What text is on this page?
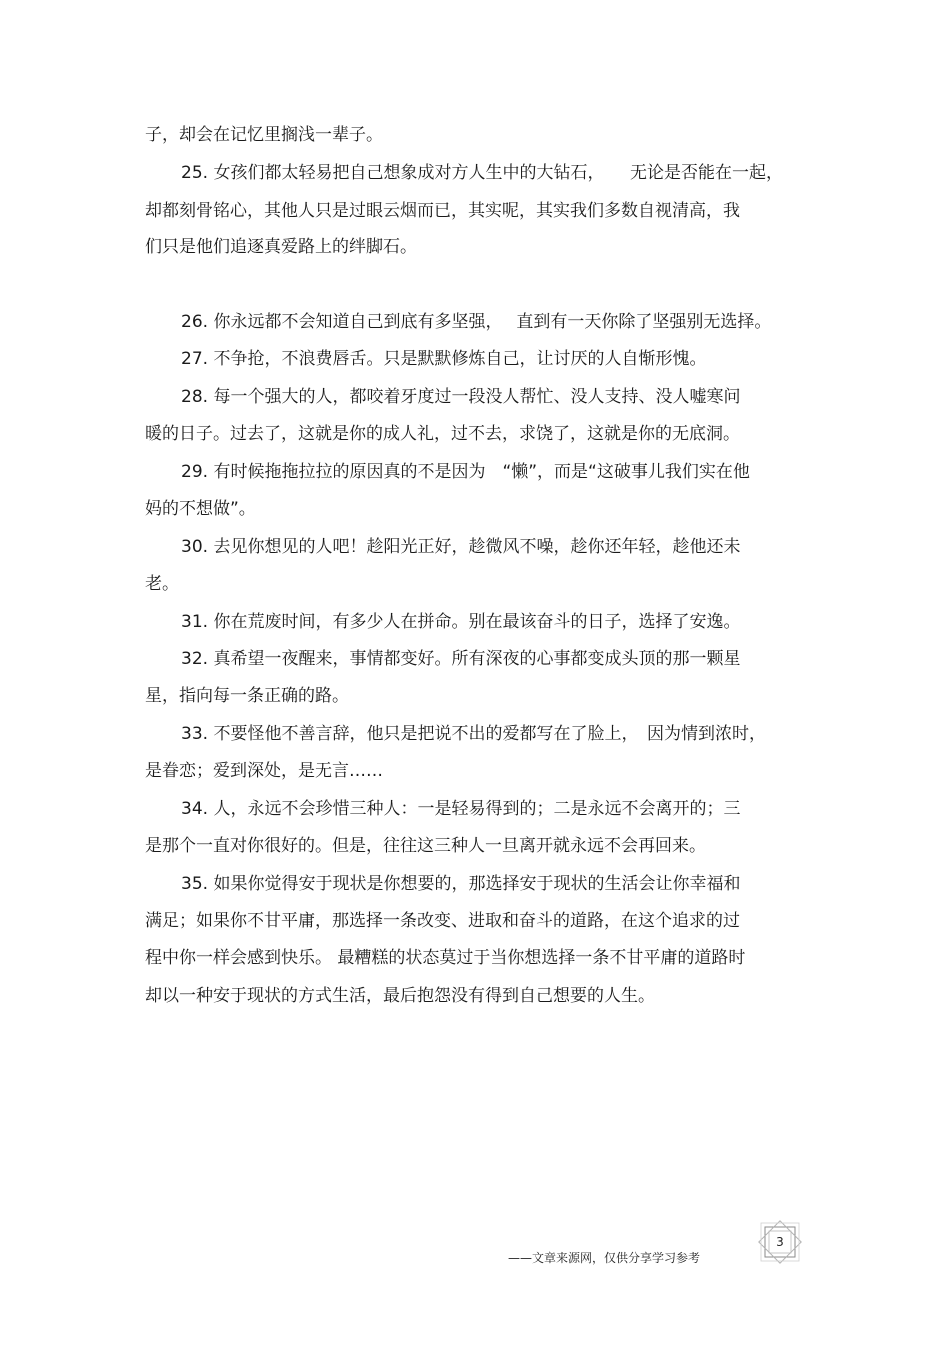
子，却会在记忆里搁浅一辈子。
25. 女孩们都太轻易把自己想象成对方人生中的大钻石，　　无论是否能在一起，
却都刻骨铭心，其他人只是过眼云烟而已，其实呢，其实我们多数自视清高，我
们只是他们追逐真爱路上的绊脚石。
26. 你永远都不会知道自己到底有多坚强，　 直到有一天你除了坚强别无选择。
27. 不争抢，不浪费唇舌。只是默默修炼自己，让讨厌的人自惭形愧。
28. 每一个强大的人，都咬着牙度过一段没人帮忙、没人支持、没人嘘寒问
暖的日子。过去了，这就是你的成人礼，过不去，求饶了，这就是你的无底洞。
29. 有时候拖拖拉拉的原因真的不是因为　“懒”，而是“这破事儿我们实在他
妈的不想做”。
30. 去见你想见的人吧！趁阳光正好，趁微风不噪，趁你还年轻，趁他还未
老。
31. 你在荒废时间，有多少人在拼命。别在最该奋斗的日子，选择了安逸。
32. 真希望一夜醒来，事情都变好。所有深夜的心事都变成头顶的那一颗星
星，指向每一条正确的路。
33. 不要怪他不善言辞，他只是把说不出的爱都写在了脸上，　因为情到浓时，
是眷恋；爱到深处，是无言……
34. 人，永远不会珍惜三种人：一是轻易得到的；二是永远不会离开的；三
是那个一直对你很好的。但是，往往这三种人一旦离开就永远不会再回来。
35. 如果你觉得安于现状是你想要的，那选择安于现状的生活会让你幸福和
满足；如果你不甘平庸，那选择一条改变、进取和奋斗的道路，在这个追求的过
程中你一样会感到快乐。 最糟糕的状态莫过于当你想选择一条不甘平庸的道路时
却以一种安于现状的方式生活，最后抱怨没有得到自己想要的人生。
——文章来源网，仅供分享学习参考
3
